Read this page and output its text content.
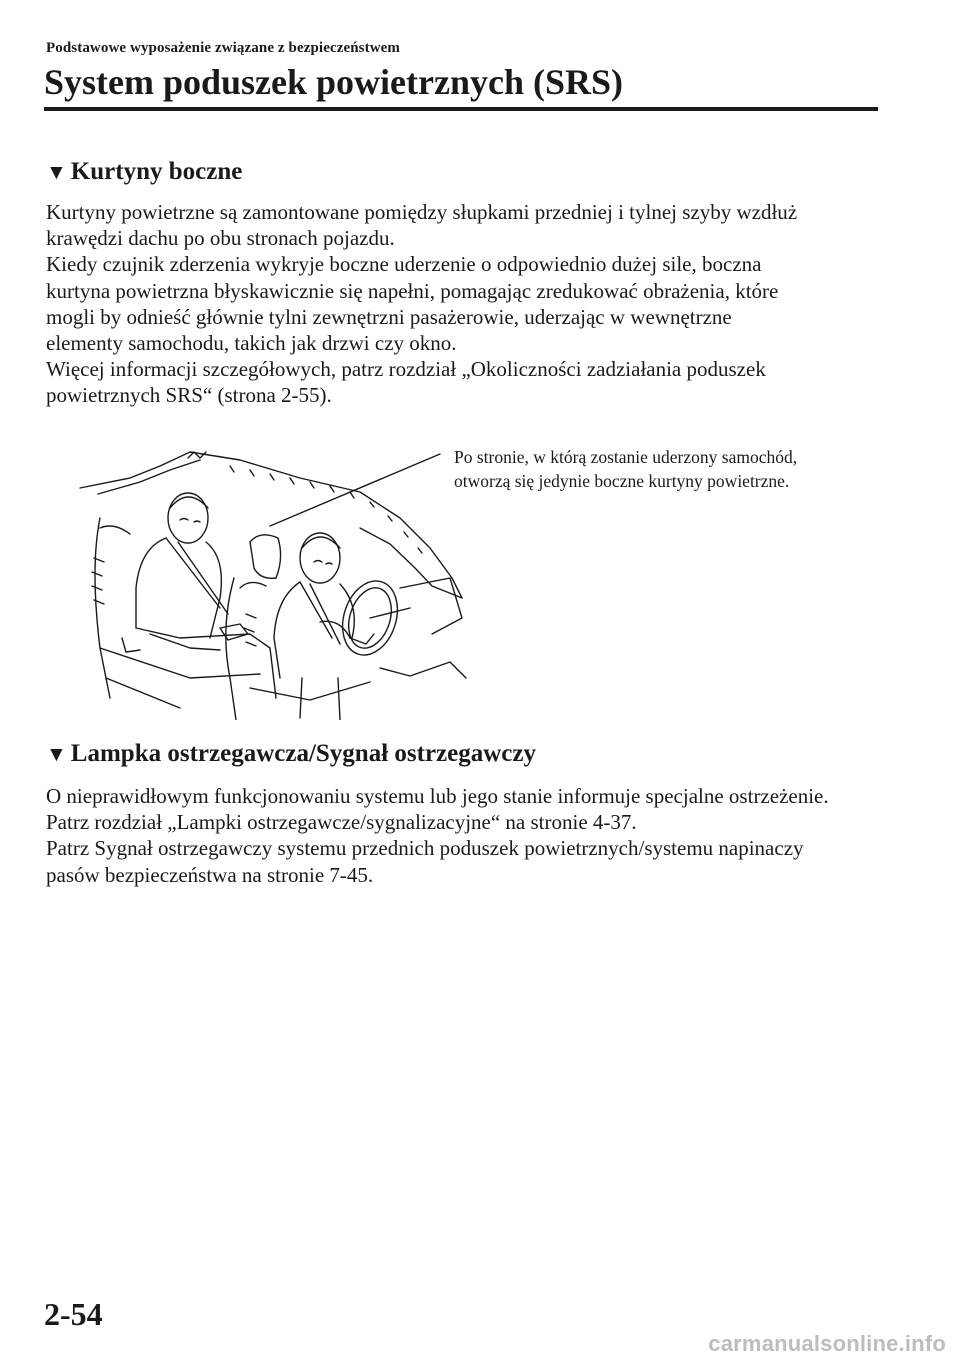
Podstawowe wyposażenie związane z bezpieczeństwem
System poduszek powietrznych (SRS)
▼ Kurtyny boczne

Kurtyny powietrzne są zamontowane pomiędzy słupkami przedniej i tylnej szyby wzdłuż
krawędzi dachu po obu stronach pojazdu.
Kiedy czujnik zderzenia wykryje boczne uderzenie o odpowiednio dużej sile, boczna
kurtyna powietrzna błyskawicznie się napełni, pomagając zredukować obrażenia, które
mogli by odnieść głównie tylni zewnętrzni pasażerowie, uderzając w wewnętrzne
elementy samochodu, takich jak drzwi czy okno.
Więcej informacji szczegółowych, patrz rozdział „Okoliczności zadziałania poduszek
powietrznych SRS“ (strona 2-55).

Po stronie, w którą zostanie uderzony samochód,
otworzą się jedynie boczne kurtyny powietrzne.

▼ Lampka ostrzegawcza/Sygnał ostrzegawczy

O nieprawidłowym funkcjonowaniu systemu lub jego stanie informuje specjalne ostrzeżenie.
Patrz rozdział „Lampki ostrzegawcze/sygnalizacyjne“ na stronie 4-37.
Patrz Sygnał ostrzegawczy systemu przednich poduszek powietrznych/systemu napinaczy
pasów bezpieczeństwa na stronie 7-45.

2-54
carmanualsonline.info
